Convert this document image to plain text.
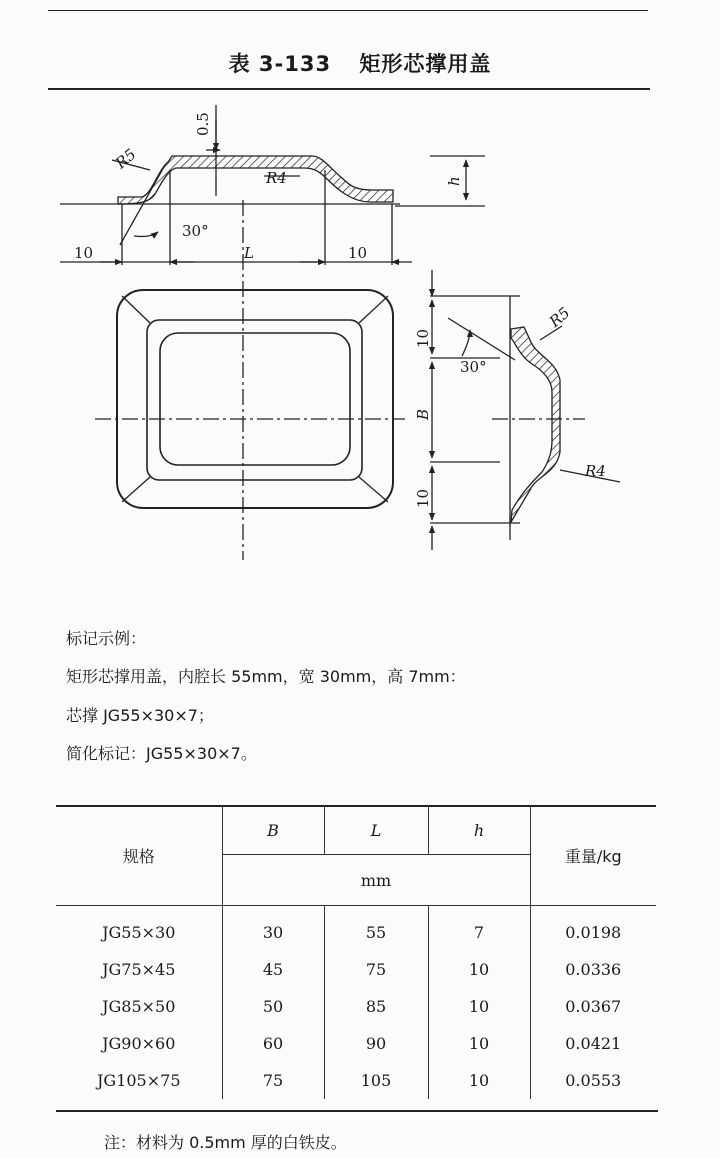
表 3-133 矩形芯撑用盖
0.5
R5
R4	h
30°
10	L	10
R5
10
30°
B
R4
10
标记示例：
矩形芯撑用盖，内腔长 55mm，宽 30mm，高 7mm：
芯撑 JG55×30×7；
简化标记：JG55×30×7。
规格	B	L	h	重量/kg
	mm			
JG55×30	30	55	7	0.0198
JG75×45	45	75	10	0.0336
JG85×50	50	85	10	0.0367
JG90×60	60	90	10	0.0421
JG105×75	75	105	10	0.0553
注：材料为 0.5mm 厚的白铁皮。
